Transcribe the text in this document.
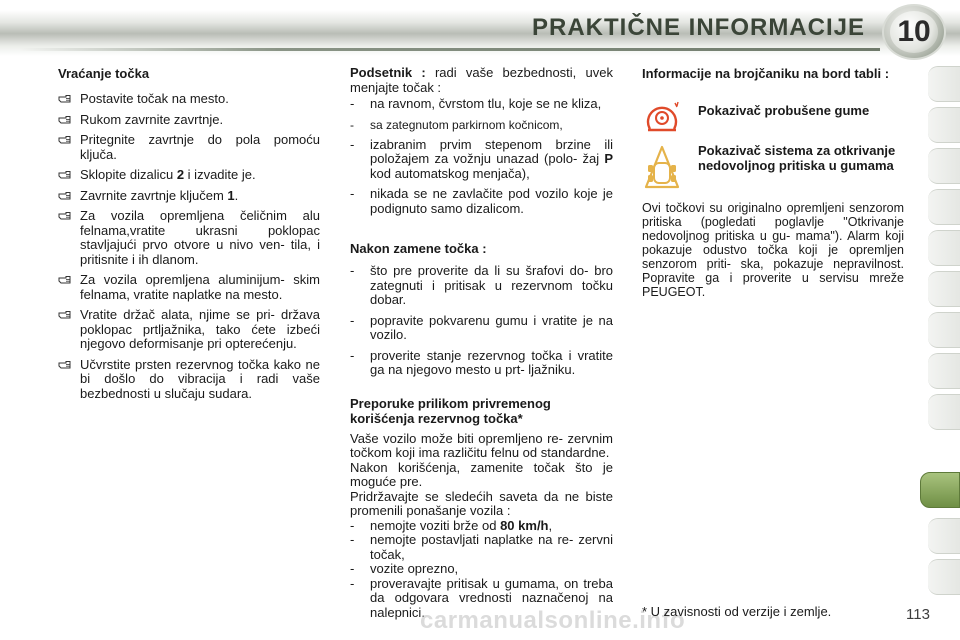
PRAKTIČNE INFORMACIJE 10
Vraćanje točka
Postavite točak na mesto.
Rukom zavrnite zavrtnje.
Pritegnite zavrtnje do pola pomoću ključa.
Sklopite dizalicu 2 i izvadite je.
Zavrnite zavrtnje ključem 1.
Za vozila opremljena čeličnim alu felnama,vratite ukrasni poklopac stavljajući prvo otvore u nivo ven- tila, i pritisnite i ih dlanom.
Za vozila opremljena aluminijum- skim felnama, vratite naplatke na mesto.
Vratite držač alata, njime se pri- država poklopac prtljažnika, tako ćete izbeći njegovo deformisanje pri opterećenju.
Učvrstite prsten rezervnog točka kako ne bi došlo do vibracija i radi vaše bezbednosti u slučaju sudara.
Podsetnik : radi vaše bezbednosti, uvek menjajte točak :
- na ravnom, čvrstom tlu, koje se ne kliza,
- sa zategnutom parkirnom kočnicom,
- izabranim prvim stepenom brzine ili položajem za vožnju unazad (polo- žaj P kod automatskog menjača),
- nikada se ne zavlačite pod vozilo koje je podignuto samo dizalicom.
Nakon zamene točka :
- što pre proverite da li su šrafovi do- bro zategnuti i pritisak u rezervnom točku dobar.
- popravite pokvarenu gumu i vratite je na vozilo.
- proverite stanje rezervnog točka i vratite ga na njegovo mesto u prt- ljažniku.
Preporuke prilikom privremenog korišćenja rezervnog točka*
Vaše vozilo može biti opremljeno re- zervnim točkom koji ima različitu felnu od standardne.
Nakon korišćenja, zamenite točak što je moguće pre.
Pridržavajte se sledećih saveta da ne biste promenili ponašanje vozila :
- nemojte voziti brže od 80 km/h,
- nemojte postavljati naplatke na re- zervni točak,
- vozite oprezno,
- proveravajte pritisak u gumama, on treba da odgovara vrednosti naznačenoj na nalepnici.
Informacije na brojčaniku na bord tabli :
Pokazivač probušene gume
Pokazivač sistema za otkrivanje nedovoljnog pritiska u gumama
Ovi točkovi su originalno opremljeni senzorom pritiska (pogledati poglavlje "Otkrivanje nedovoljnog pritiska u gu- mama"). Alarm koji pokazuje odustvo točka koji je opremljen senzorom priti- ska, pokazuje nepravilnost. Popravite ga i proverite u servisu mreže PEUGEOT.
carmanualsonline.info
* U zavisnosti od verzije i zemlje.	113
